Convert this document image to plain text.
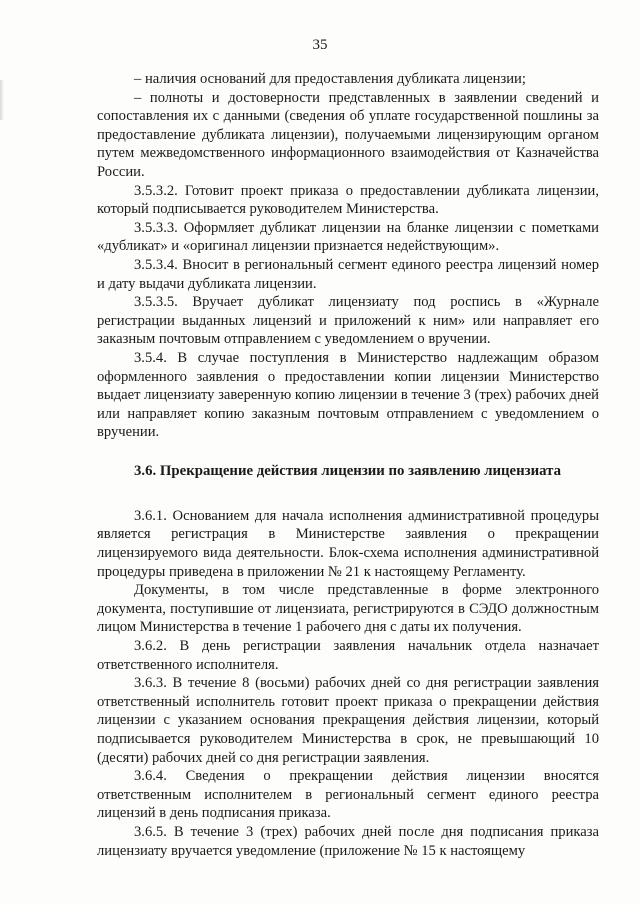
35

– наличия оснований для предоставления дубликата лицензии;

– полноты и достоверности представленных в заявлении сведений и сопоставления их с данными (сведения об уплате государственной пошлины за предоставление дубликата лицензии), получаемыми лицензирующим органом путем межведомственного информационного взаимодействия от Казначейства России.

3.5.3.2. Готовит проект приказа о предоставлении дубликата лицензии, который подписывается руководителем Министерства.

3.5.3.3. Оформляет дубликат лицензии на бланке лицензии с пометками «дубликат» и «оригинал лицензии признается недействующим».

3.5.3.4. Вносит в региональный сегмент единого реестра лицензий номер и дату выдачи дубликата лицензии.

3.5.3.5. Вручает дубликат лицензиату под роспись в «Журнале регистрации выданных лицензий и приложений к ним» или направляет его заказным почтовым отправлением с уведомлением о вручении.

3.5.4. В случае поступления в Министерство надлежащим образом оформленного заявления о предоставлении копии лицензии Министерство выдает лицензиату заверенную копию лицензии в течение 3 (трех) рабочих дней или направляет копию заказным почтовым отправлением с уведомлением о вручении.

3.6. Прекращение действия лицензии по заявлению лицензиата

3.6.1. Основанием для начала исполнения административной процедуры является регистрация в Министерстве заявления о прекращении лицензируемого вида деятельности. Блок-схема исполнения административной процедуры приведена в приложении № 21 к настоящему Регламенту.

Документы, в том числе представленные в форме электронного документа, поступившие от лицензиата, регистрируются в СЭДО должностным лицом Министерства в течение 1 рабочего дня с даты их получения.

3.6.2. В день регистрации заявления начальник отдела назначает ответственного исполнителя.

3.6.3. В течение 8 (восьми) рабочих дней со дня регистрации заявления ответственный исполнитель готовит проект приказа о прекращении действия лицензии с указанием основания прекращения действия лицензии, который подписывается руководителем Министерства в срок, не превышающий 10 (десяти) рабочих дней со дня регистрации заявления.

3.6.4. Сведения о прекращении действия лицензии вносятся ответственным исполнителем в региональный сегмент единого реестра лицензий в день подписания приказа.

3.6.5. В течение 3 (трех) рабочих дней после дня подписания приказа лицензиату вручается уведомление (приложение № 15 к настоящему
